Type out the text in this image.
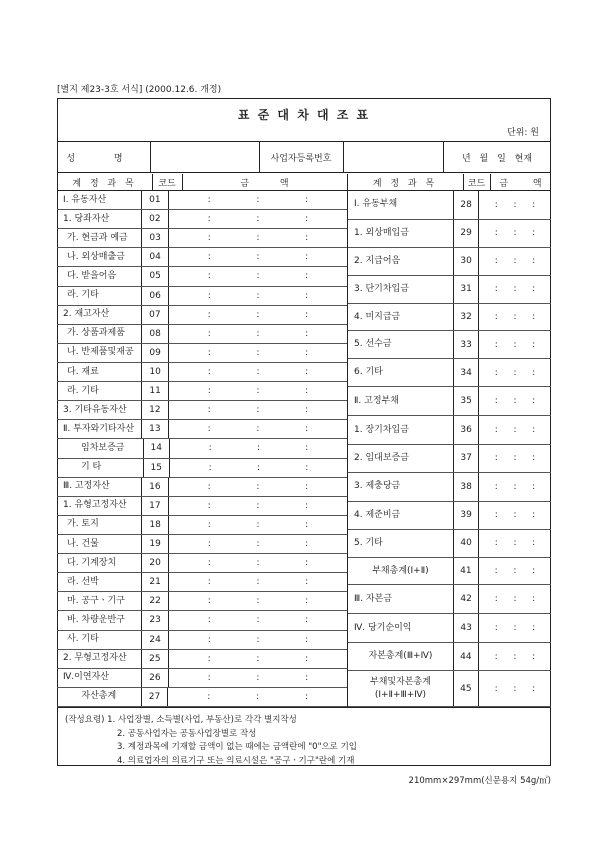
[별지 제23-3호 서식] (2000.12.6. 개정)
표 준 대 차 대 조 표
단위: 원
성 명	사업자등록번호	년 월 일 현재
계 정 과 목	코드	금 액	계 정 과 목	코드	금 액
Ⅰ. 유동자산	01	:	:	:
1. 당좌자산	02	:	:	:
가. 현금과 예금	03	:	:	:
나. 외상매출금	04	:	:	:
다. 받을어음	05	:	:	:
라. 기타	06	:	:	:
2. 재고자산	07	:	:	:
가. 상품과제품	08	:	:	:
나. 반제품및재공	09	:	:	:
다. 재료	10	:	:	:
라. 기타	11	:	:	:
3. 기타유동자산	12	:	:	:
Ⅱ. 투자와기타자산	13	:	:	:
임차보증금	14	:	:	:
기 타	15	:	:	:
Ⅲ. 고정자산	16	:	:	:
1. 유형고정자산	17	:	:	:
가. 토지	18	:	:	:
나. 건물	19	:	:	:
다. 기계장치	20	:	:	:
라. 선박	21	:	:	:
마. 공구ㆍ기구	22	:	:	:
바. 차량운반구	23	:	:	:
사. 기타	24	:	:	:
2. 무형고정자산	25	:	:	:
Ⅳ.이연자산	26	:	:	:
자산총계	27	:	:	:
Ⅰ. 유동부채	28	: : :
1. 외상매입금	29	: : :
2. 지급어음	30	: : :
3. 단기차입금	31	: : :
4. 미지급금	32	: : :
5. 선수금	33	: : :
6. 기타	34	: : :
Ⅱ. 고정부채	35	: : :
1. 장기차입금	36	: : :
2. 임대보증금	37	: : :
3. 제충당금	38	: : :
4. 제준비금	39	: : :
5. 기타	40	: : :
부채총계(Ⅰ+Ⅱ)	41	: : :
Ⅲ. 자본금	42	: : :
Ⅳ. 당기순이익	43	: : :
자본총계(Ⅲ+Ⅳ)	44	: : :
부채및자본총계
(Ⅰ+Ⅱ+Ⅲ+Ⅳ)
45	: : :
(작성요령) 1. 사업장별, 소득별(사업, 부동산)로 각각 별지작성
2. 공동사업자는 공동사업장별로 작성
3. 계정과목에 기재할 금액이 없는 때에는 금액란에 "0"으로 기입
4. 의료업자의 의료기구 또는 의료시설은 "공구ㆍ기구"란에 기재
210mm×297mm(신문용지 54g/㎡)
